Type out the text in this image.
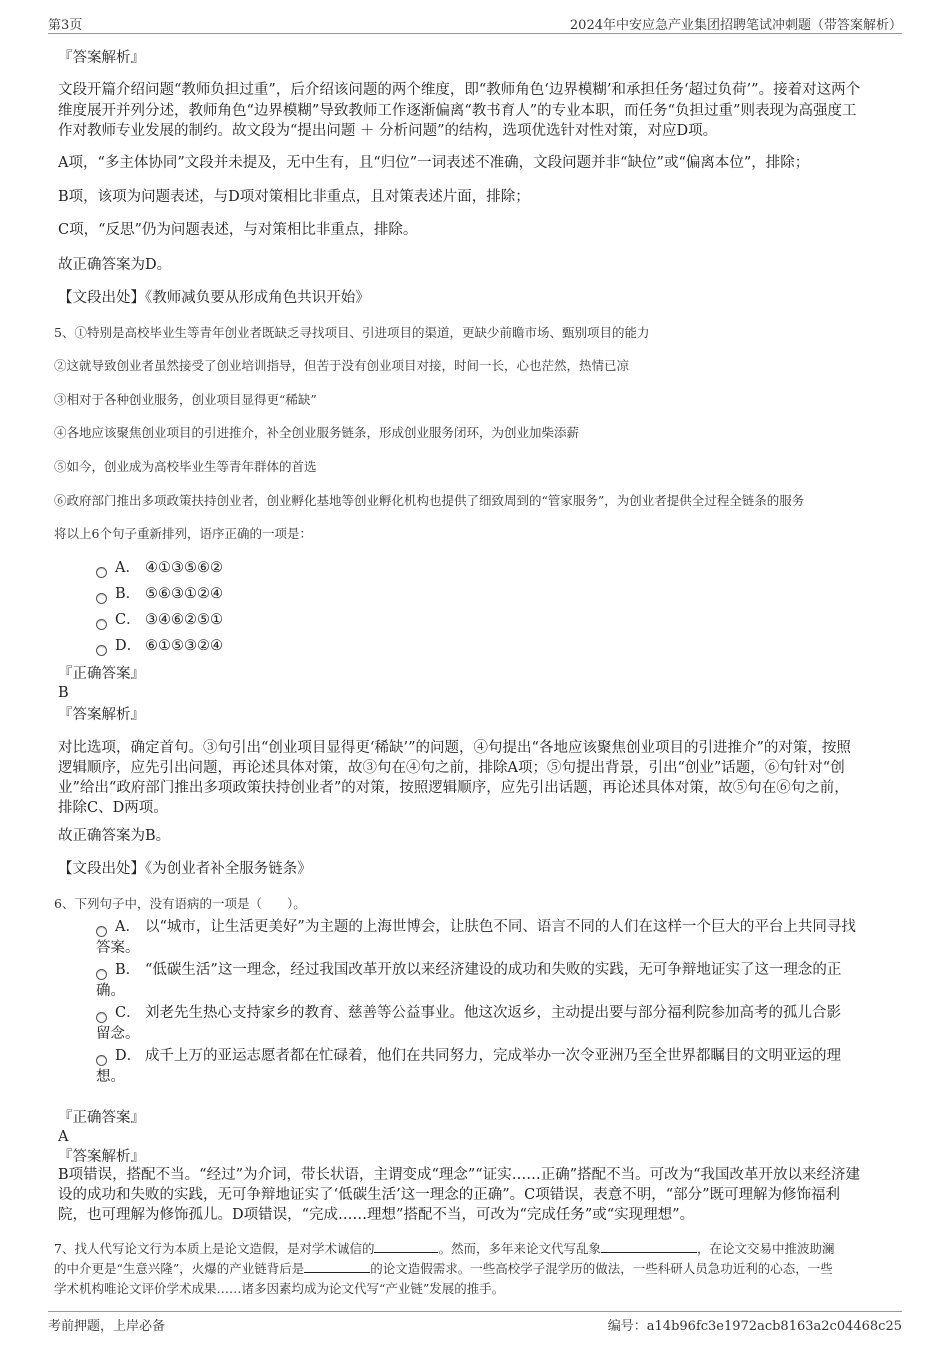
第3页	2024年中安应急产业集团招聘笔试冲刺题（带答案解析）
『答案解析』
文段开篇介绍问题“教师负担过重”，后介绍该问题的两个维度，即“教师角色‘边界模糊’和承担任务‘超过负荷’”。接着对这两个
维度展开并列分述，教师角色“边界模糊”导致教师工作逐渐偏离“教书育人”的专业本职，而任务“负担过重”则表现为高强度工
作对教师专业发展的制约。故文段为“提出问题 ＋ 分析问题”的结构，选项优选针对性对策，对应D项。
A项，“多主体协同”文段并未提及，无中生有，且“归位”一词表述不准确，文段问题并非“缺位”或“偏离本位”，排除；
B项，该项为问题表述，与D项对策相比非重点，且对策表述片面，排除；
C项，“反思”仍为问题表述，与对策相比非重点，排除。
故正确答案为D。
【文段出处】《教师减负要从形成角色共识开始》
5、①特别是高校毕业生等青年创业者既缺乏寻找项目、引进项目的渠道，更缺少前瞻市场、甄别项目的能力
②这就导致创业者虽然接受了创业培训指导，但苦于没有创业项目对接，时间一长，心也茫然，热情已凉
③相对于各种创业服务，创业项目显得更“稀缺”
④各地应该聚焦创业项目的引进推介，补全创业服务链条，形成创业服务闭环，为创业加柴添薪
⑤如今，创业成为高校毕业生等青年群体的首选
⑥政府部门推出多项政策扶持创业者，创业孵化基地等创业孵化机构也提供了细致周到的“管家服务”，为创业者提供全过程全链条的服务
将以上6个句子重新排列，语序正确的一项是：
A． ④①③⑤⑥②
B． ⑤⑥③①②④
C． ③④⑥②⑤①
D． ⑥①⑤③②④
『正确答案』
B
『答案解析』
对比选项，确定首句。③句引出“创业项目显得更‘稀缺’”的问题，④句提出“各地应该聚焦创业项目的引进推介”的对策，按照
逻辑顺序，应先引出问题，再论述具体对策，故③句在④句之前，排除A项；⑤句提出背景，引出“创业”话题，⑥句针对“创
业”给出“政府部门推出多项政策扶持创业者”的对策，按照逻辑顺序，应先引出话题，再论述具体对策，故⑤句在⑥句之前，
排除C、D两项。
故正确答案为B。
【文段出处】《为创业者补全服务链条》
6、下列句子中，没有语病的一项是（　　）。
A． 以“城市，让生活更美好”为主题的上海世博会，让肤色不同、语言不同的人们在这样一个巨大的平台上共同寻找
答案。
B． “低碳生活”这一理念，经过我国改革开放以来经济建设的成功和失败的实践，无可争辩地证实了这一理念的正
确。
C． 刘老先生热心支持家乡的教育、慈善等公益事业。他这次返乡，主动提出要与部分福利院参加高考的孤儿合影
留念。
D． 成千上万的亚运志愿者都在忙碌着，他们在共同努力，完成举办一次令亚洲乃至全世界都瞩目的文明亚运的理
想。
『正确答案』
A
『答案解析』
B项错误，搭配不当。“经过”为介词，带长状语，主谓变成“理念”“证实……正确”搭配不当。可改为“我国改革开放以来经济建
设的成功和失败的实践，无可争辩地证实了‘低碳生活’这一理念的正确”。C项错误，表意不明，“部分”既可理解为修饰福利
院，也可理解为修饰孤儿。D项错误，“完成……理想”搭配不当，可改为“完成任务”或“实现理想”。
7、找人代写论文行为本质上是论文造假，是对学术诚信的	。然而，多年来论文代写乱象	，在论文交易中推波助澜
的中介更是“生意兴隆”，火爆的产业链背后是	的论文造假需求。一些高校学子混学历的做法，一些科研人员急功近利的心态，一些
学术机构唯论文评价学术成果……诸多因素均成为论文代写“产业链”发展的推手。
考前押题，上岸必备	编号：a14b96fc3e1972acb8163a2c04468c25
